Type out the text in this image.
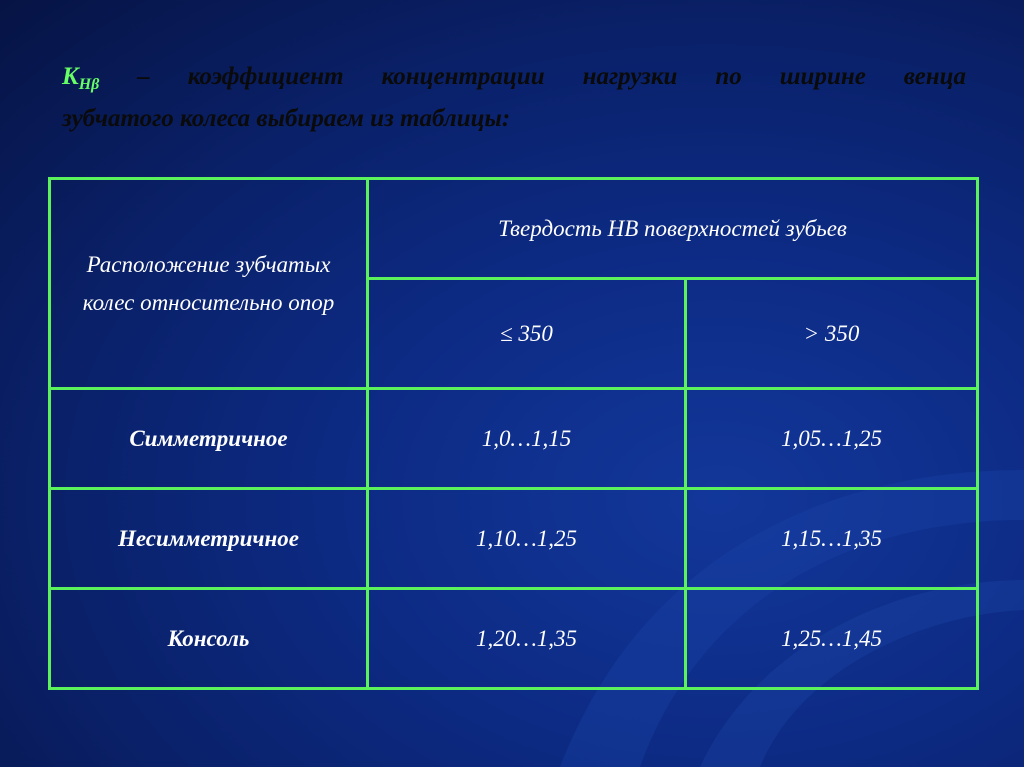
$K_{H\beta}$ – коэффициент концентрации нагрузки по ширине венца
зубчатого колеса выбираем из таблицы:
Расположение зубчатых колес относительно опор	Твердость HB поверхностей зубьев	
	≤ 350	> 350
Симметричное	1,0…1,15	1,05…1,25
Несимметричное	1,10…1,25	1,15…1,35
Консоль	1,20…1,35	1,25…1,45
